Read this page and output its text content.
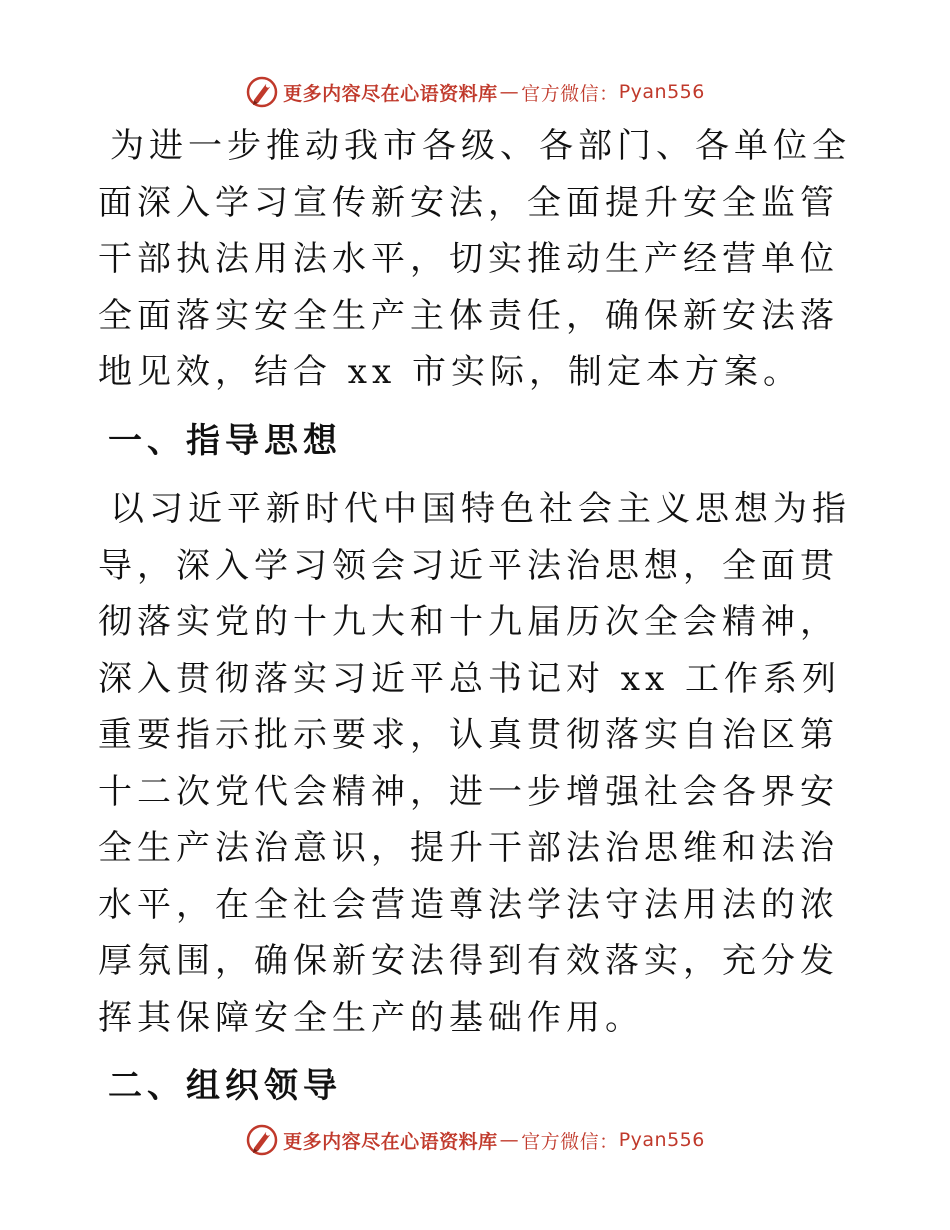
更多内容尽在心语资料库 — 官方微信： Pyan556

为进一步推动我市各级、各部门、各单位全面深入学习宣传新安法，全面提升安全监管干部执法用法水平，切实推动生产经营单位全面落实安全生产主体责任，确保新安法落地见效，结合 xx 市实际，制定本方案。

一、指导思想

以习近平新时代中国特色社会主义思想为指导，深入学习领会习近平法治思想，全面贯彻落实党的十九大和十九届历次全会精神，深入贯彻落实习近平总书记对 xx 工作系列重要指示批示要求，认真贯彻落实自治区第十二次党代会精神，进一步增强社会各界安全生产法治意识，提升干部法治思维和法治水平，在全社会营造尊法学法守法用法的浓厚氛围，确保新安法得到有效落实，充分发挥其保障安全生产的基础作用。

二、组织领导
更多内容尽在心语资料库 — 官方微信： Pyan556
